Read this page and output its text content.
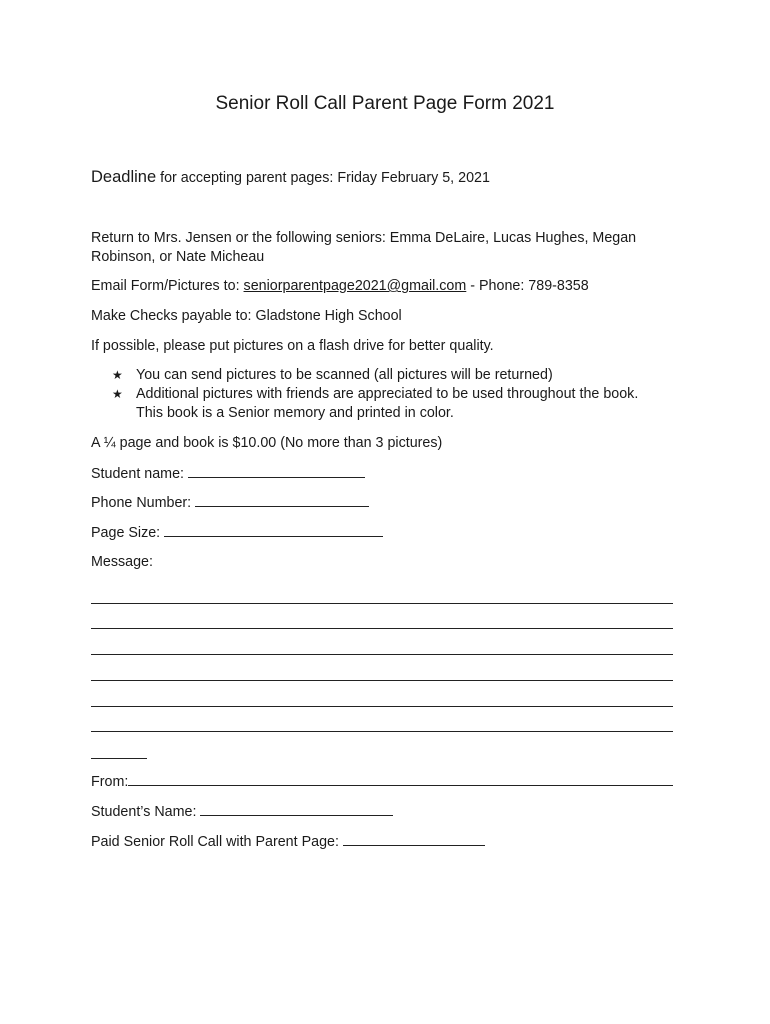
Senior Roll Call Parent Page Form 2021
Deadline for accepting parent pages: Friday February 5, 2021
Return to Mrs. Jensen or the following seniors: Emma DeLaire, Lucas Hughes, Megan
Robinson, or Nate Micheau
Email Form/Pictures to: seniorparentpage2021@gmail.com - Phone: 789-8358
Make Checks payable to: Gladstone High School
If possible, please put pictures on a flash drive for better quality.
★ You can send pictures to be scanned (all pictures will be returned)
★ Additional pictures with friends are appreciated to be used throughout the book.
This book is a Senior memory and printed in color.
A ¼ page and book is $10.00 (No more than 3 pictures)
Student name:
Phone Number:
Page Size:
Message:
From:
Student’s Name:
Paid Senior Roll Call with Parent Page:
